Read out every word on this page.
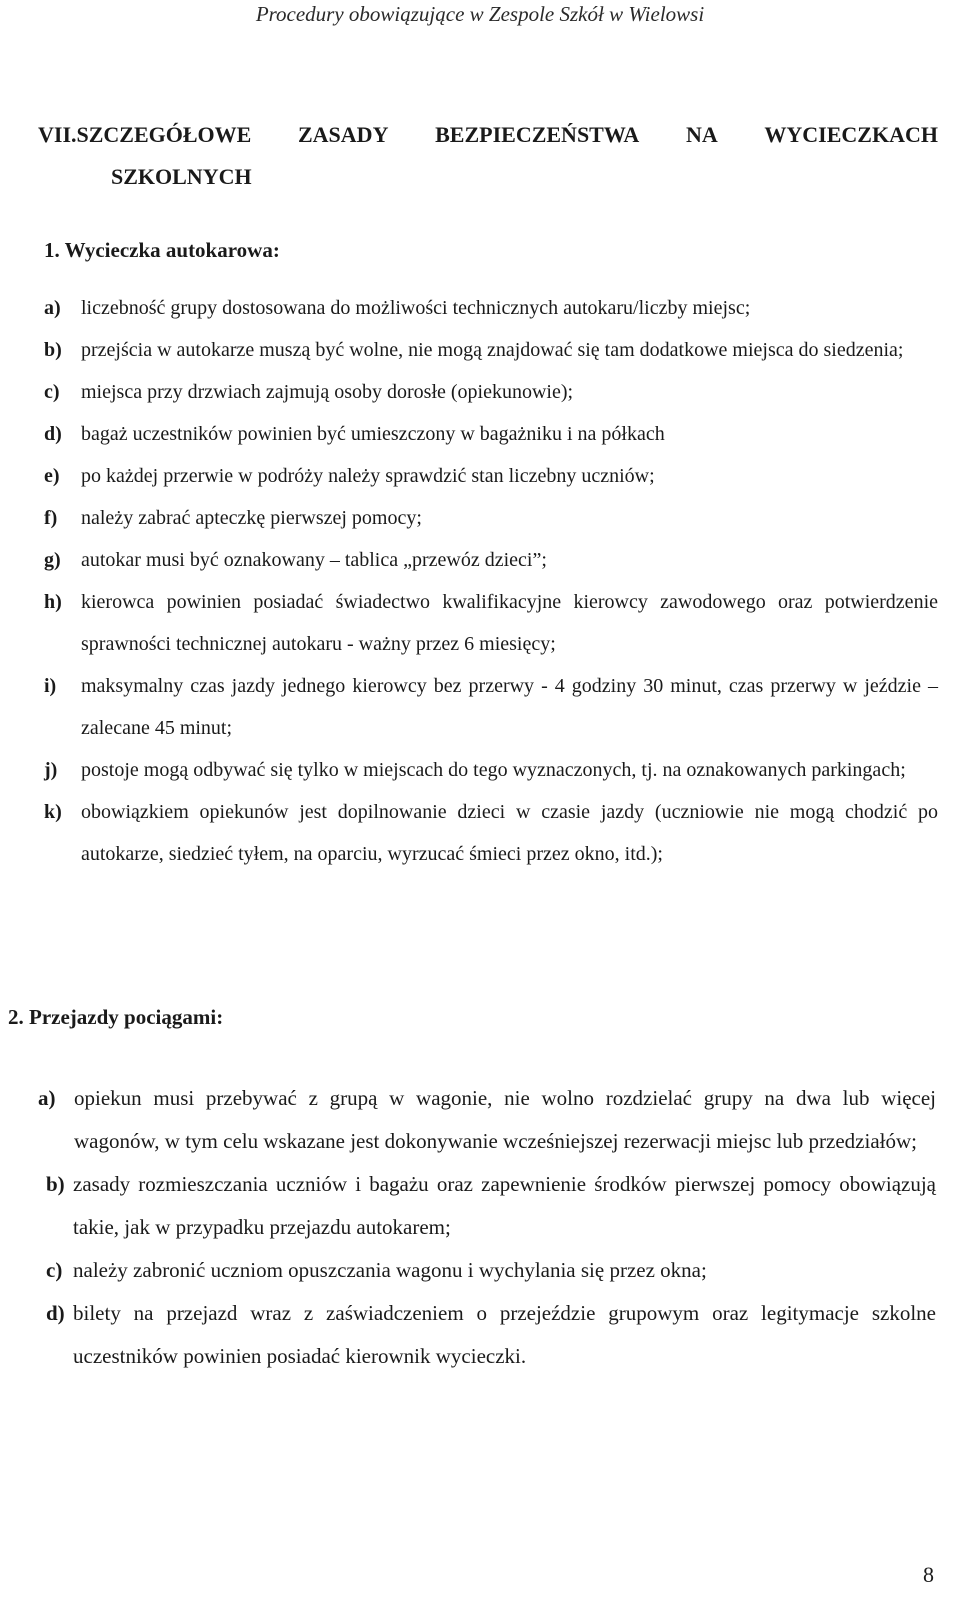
Procedury obowiązujące w Zespole Szkół w Wielowsi
VII.SZCZEGÓŁOWE ZASADY BEZPIECZEŃSTWA NA WYCIECZKACH
SZKOLNYCH
1. Wycieczka autokarowa:
a)	liczebność grupy dostosowana do możliwości technicznych autokaru/liczby miejsc;
b) przejścia w autokarze muszą być wolne, nie mogą znajdować się tam dodatkowe miejsca do siedzenia;
c)	miejsca przy drzwiach zajmują osoby dorosłe (opiekunowie);
d) bagaż uczestników powinien być umieszczony w bagażniku i na półkach
e)	po każdej przerwie w podróży należy sprawdzić stan liczebny uczniów;
f)	należy zabrać apteczkę pierwszej pomocy;
g)	autokar musi być oznakowany – tablica „przewóz dzieci”;
h) kierowca powinien posiadać świadectwo kwalifikacyjne kierowcy zawodowego oraz potwierdzenie sprawności technicznej autokaru - ważny przez 6 miesięcy;
i)	maksymalny czas jazdy jednego kierowcy bez przerwy - 4 godziny 30 minut, czas przerwy w jeździe – zalecane 45 minut;
j)	postoje mogą odbywać się tylko w miejscach do tego wyznaczonych, tj. na oznakowanych parkingach;
k) obowiązkiem opiekunów jest dopilnowanie dzieci w czasie jazdy (uczniowie nie mogą chodzić po autokarze, siedzieć tyłem, na oparciu, wyrzucać śmieci przez okno, itd.);
2. Przejazdy pociągami:
a) opiekun musi przebywać z grupą w wagonie, nie wolno rozdzielać grupy na dwa lub więcej wagonów, w tym celu wskazane jest dokonywanie wcześniejszej rezerwacji miejsc lub przedziałów;
b) zasady rozmieszczania uczniów i bagażu oraz zapewnienie środków pierwszej pomocy obowiązują takie, jak w przypadku przejazdu autokarem;
c) należy zabronić uczniom opuszczania wagonu i wychylania się przez okna;
d) bilety na przejazd wraz z zaświadczeniem o przejeździe grupowym oraz legitymacje szkolne uczestników powinien posiadać kierownik wycieczki.
8
